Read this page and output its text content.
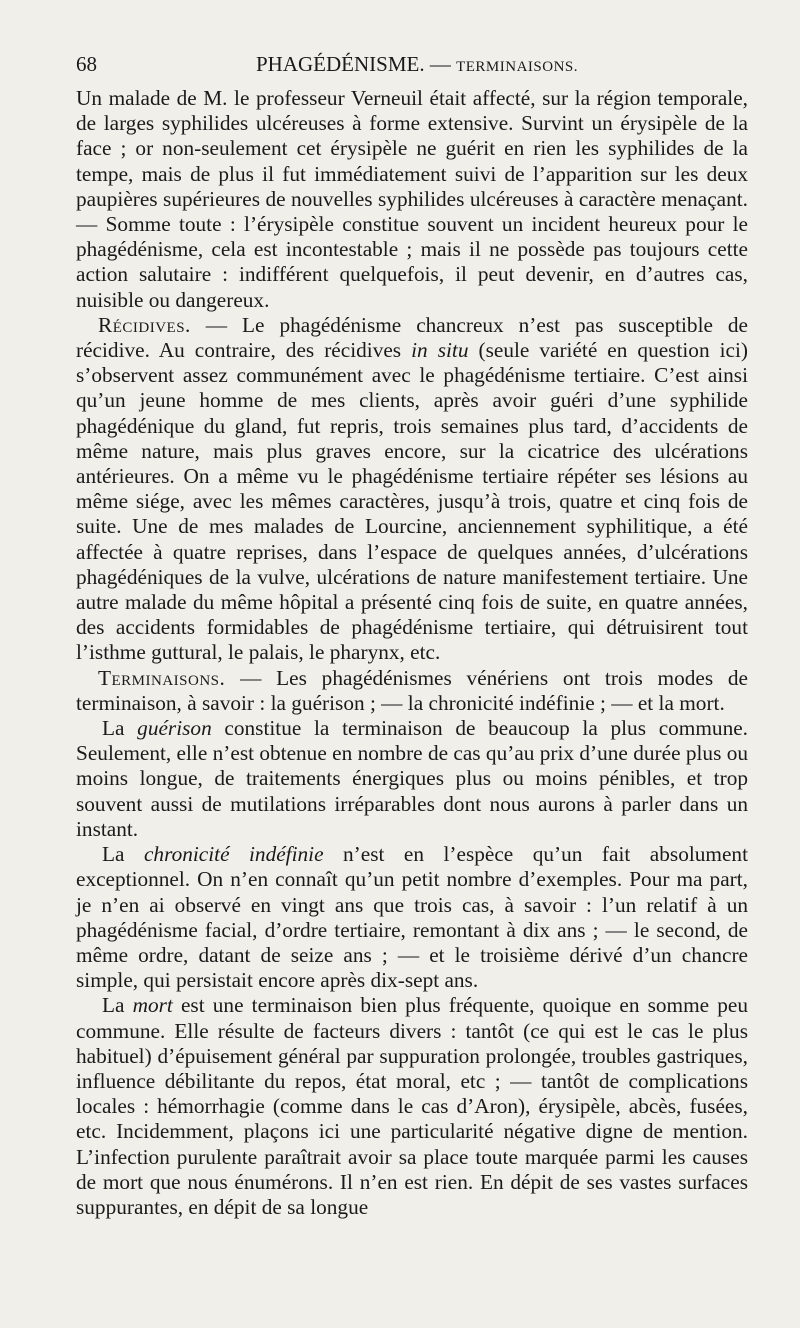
68	PHAGÉDÉNISME. — TERMINAISONS.

Un malade de M. le professeur Verneuil était affecté, sur la région temporale, de larges syphilides ulcéreuses à forme extensive. Survint un érysipèle de la face ; or non-seulement cet érysipèle ne guérit en rien les syphilides de la tempe, mais de plus il fut immédiatement suivi de l’apparition sur les deux paupières supérieures de nouvelles syphilides ulcéreuses à caractère menaçant. — Somme toute : l’érysipèle constitue souvent un incident heureux pour le phagédénisme, cela est incontestable ; mais il ne possède pas toujours cette action salutaire : indifférent quelquefois, il peut devenir, en d’autres cas, nuisible ou dangereux.

Récidives. — Le phagédénisme chancreux n’est pas susceptible de récidive. Au contraire, des récidives in situ (seule variété en question ici) s’observent assez communément avec le phagédénisme tertiaire. C’est ainsi qu’un jeune homme de mes clients, après avoir guéri d’une syphilide phagédénique du gland, fut repris, trois semaines plus tard, d’accidents de même nature, mais plus graves encore, sur la cicatrice des ulcérations antérieures. On a même vu le phagédénisme tertiaire répéter ses lésions au même siége, avec les mêmes caractères, jusqu’à trois, quatre et cinq fois de suite. Une de mes malades de Lourcine, anciennement syphilitique, a été affectée à quatre reprises, dans l’espace de quelques années, d’ulcérations phagédéniques de la vulve, ulcérations de nature manifestement tertiaire. Une autre malade du même hôpital a présenté cinq fois de suite, en quatre années, des accidents formidables de phagédénisme tertiaire, qui détruisirent tout l’isthme guttural, le palais, le pharynx, etc.

Terminaisons. — Les phagédénismes vénériens ont trois modes de terminaison, à savoir : la guérison ; — la chronicité indéfinie ; — et la mort.

La guérison constitue la terminaison de beaucoup la plus commune. Seulement, elle n’est obtenue en nombre de cas qu’au prix d’une durée plus ou moins longue, de traitements énergiques plus ou moins pénibles, et trop souvent aussi de mutilations irréparables dont nous aurons à parler dans un instant.

La chronicité indéfinie n’est en l’espèce qu’un fait absolument exceptionnel. On n’en connaît qu’un petit nombre d’exemples. Pour ma part, je n’en ai observé en vingt ans que trois cas, à savoir : l’un relatif à un phagédénisme facial, d’ordre tertiaire, remontant à dix ans ; — le second, de même ordre, datant de seize ans ; — et le troisième dérivé d’un chancre simple, qui persistait encore après dix-sept ans.

La mort est une terminaison bien plus fréquente, quoique en somme peu commune. Elle résulte de facteurs divers : tantôt (ce qui est le cas le plus habituel) d’épuisement général par suppuration prolongée, troubles gastriques, influence débilitante du repos, état moral, etc ; — tantôt de complications locales : hémorrhagie (comme dans le cas d’Aron), érysipèle, abcès, fusées, etc. Incidemment, plaçons ici une particularité négative digne de mention. L’infection purulente paraîtrait avoir sa place toute marquée parmi les causes de mort que nous énumérons. Il n’en est rien. En dépit de ses vastes surfaces suppurantes, en dépit de sa longue
